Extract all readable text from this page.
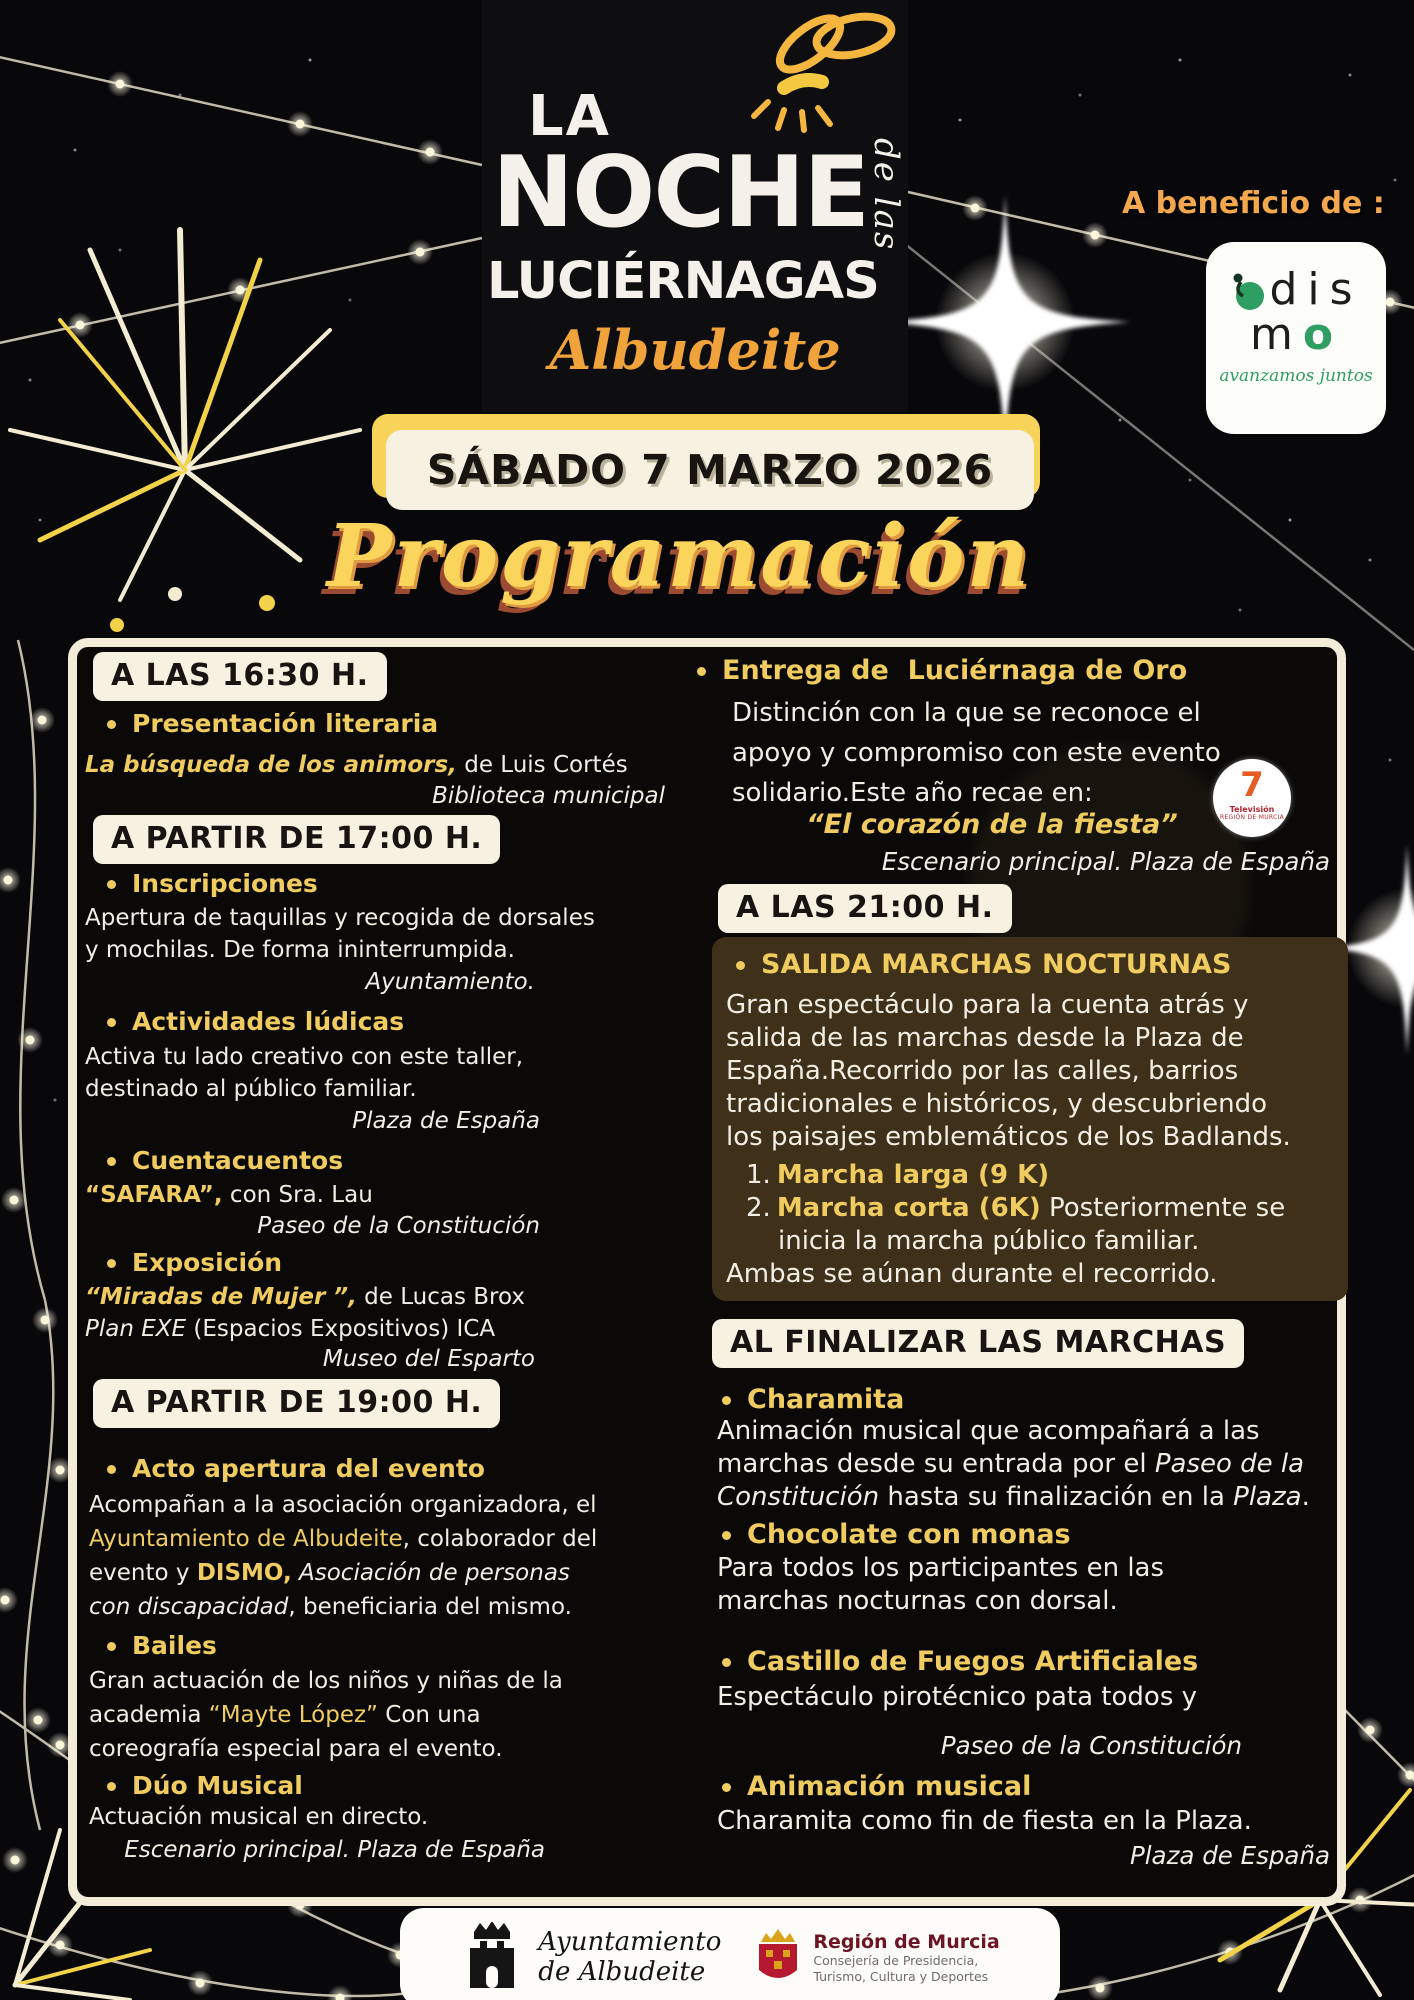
LA
NOCHE
de las
LUCIÉRNAGAS
Albudeite
A beneficio de :
dis
mo
avanzamos juntos
SÁBADO 7 MARZO 2026
Programación
A LAS 16:30 H.
Presentación literaria
La búsqueda de los animors, de Luis Cortés
Biblioteca municipal
A PARTIR DE 17:00 H.
Inscripciones
Apertura de taquillas y recogida de dorsales
y mochilas. De forma ininterrumpida.
Ayuntamiento.
Actividades lúdicas
Activa tu lado creativo con este taller,
destinado al público familiar.
Plaza de España
Cuentacuentos
“SAFARA”, con Sra. Lau
Paseo de la Constitución
Exposición
“Miradas de Mujer ”, de Lucas Brox
Plan EXE (Espacios Expositivos) ICA
Museo del Esparto
A PARTIR DE 19:00 H.
Acto apertura del evento
Acompañan a la asociación organizadora, el
Ayuntamiento de Albudeite, colaborador del
evento y DISMO, Asociación de personas
con discapacidad, beneficiaria del mismo.
Bailes
Gran actuación de los niños y niñas de la
academia “Mayte López” Con una
coreografía especial para el evento.
Dúo Musical
Actuación musical en directo.
Escenario principal. Plaza de España
Entrega de  Luciérnaga de Oro
Distinción con la que se reconoce el
apoyo y compromiso con este evento
solidario.Este año recae en:
“El corazón de la fiesta”
Escenario principal. Plaza de España
7
Televisión
REGIÓN DE MURCIA
A LAS 21:00 H.
SALIDA MARCHAS NOCTURNAS
Gran espectáculo para la cuenta atrás y
salida de las marchas desde la Plaza de
España.Recorrido por las calles, barrios
tradicionales e históricos, y descubriendo
los paisajes emblemáticos de los Badlands.
1. Marcha larga (9 K)
2. Marcha corta (6K) Posteriormente se
inicia la marcha público familiar.
Ambas se aúnan durante el recorrido.
AL FINALIZAR LAS MARCHAS
Charamita
Animación musical que acompañará a las
marchas desde su entrada por el Paseo de la
Constitución hasta su finalización en la Plaza.
Chocolate con monas
Para todos los participantes en las
marchas nocturnas con dorsal.
Castillo de Fuegos Artificiales
Espectáculo pirotécnico pata todos y
Paseo de la Constitución
Animación musical
Charamita como fin de fiesta en la Plaza.
Plaza de España
Ayuntamiento
de Albudeite
Región de Murcia
Consejería de Presidencia,
Turismo, Cultura y Deportes
